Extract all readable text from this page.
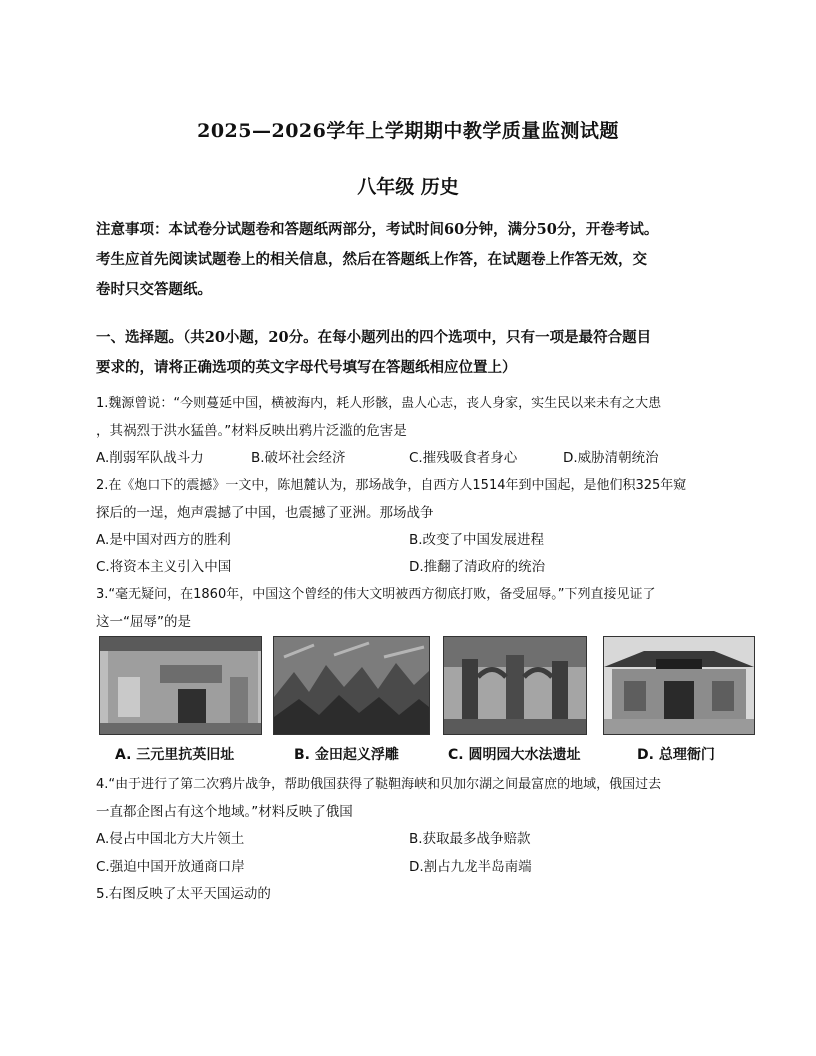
2025—2026学年上学期期中教学质量监测试题
八年级 历史
注意事项：本试卷分试题卷和答题纸两部分，考试时间60分钟，满分50分，开卷考试。
考生应首先阅读试题卷上的相关信息，然后在答题纸上作答，在试题卷上作答无效，交
卷时只交答题纸。
一、选择题。（共20小题，20分。在每小题列出的四个选项中，只有一项是最符合题目
要求的，请将正确选项的英文字母代号填写在答题纸相应位置上）
1.魏源曾说：“今则蔓延中国，横被海内，耗人形骸，蛊人心志，丧人身家，实生民以来未有之大患
，其祸烈于洪水猛兽。”材料反映出鸦片泛滥的危害是
A.削弱军队战斗力	B.破坏社会经济	C.摧残吸食者身心	D.威胁清朝统治
2.在《炮口下的震撼》一文中，陈旭麓认为，那场战争，自西方人1514年到中国起，是他们积325年窥
探后的一逞，炮声震撼了中国，也震撼了亚洲。那场战争
A.是中国对西方的胜利	B.改变了中国发展进程
C.将资本主义引入中国	D.推翻了清政府的统治
3.“毫无疑问，在1860年，中国这个曾经的伟大文明被西方彻底打败，备受屈辱。”下列直接见证了
这一“屈辱”的是
A. 三元里抗英旧址	B. 金田起义浮雕	C. 圆明园大水法遗址	D. 总理衙门
4.“由于进行了第二次鸦片战争，帮助俄国获得了鞑靼海峡和贝加尔湖之间最富庶的地域，俄国过去
一直都企图占有这个地域。”材料反映了俄国
A.侵占中国北方大片领土	B.获取最多战争赔款
C.强迫中国开放通商口岸	D.割占九龙半岛南端
5.右图反映了太平天国运动的
